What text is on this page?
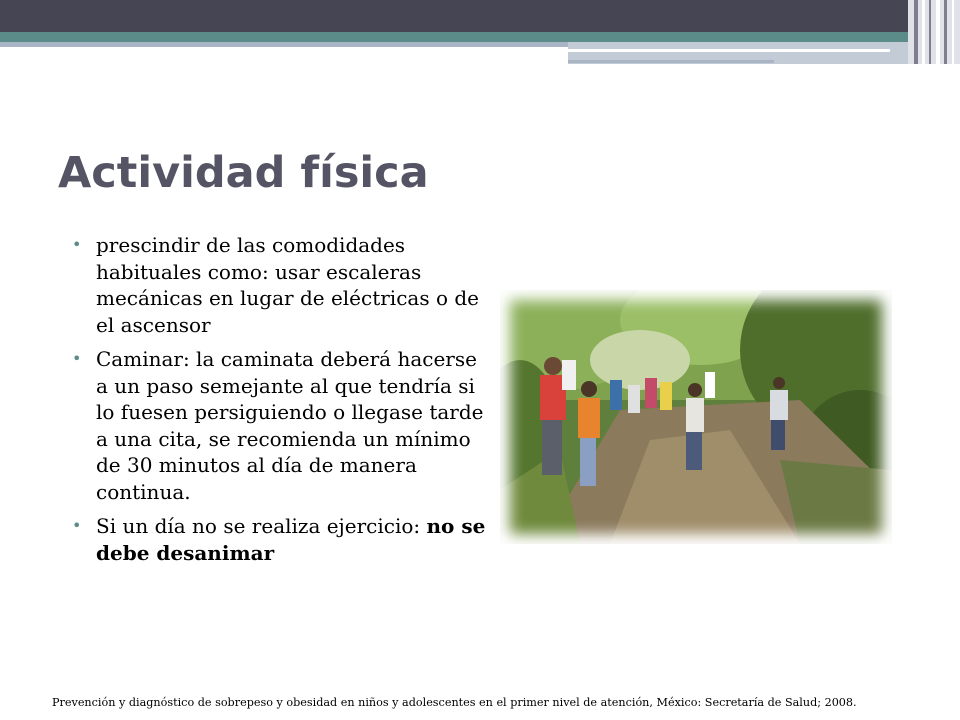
Actividad física
• prescindir de las comodidades habituales como: usar escaleras mecánicas en lugar de eléctricas o de el ascensor
• Caminar: la caminata deberá hacerse a un paso semejante al que tendría si lo fuesen persiguiendo o llegase tarde a una cita, se recomienda un mínimo de 30 minutos al día de manera continua.
• Si un día no se realiza ejercicio: no se debe desanimar
Prevención y diagnóstico de sobrepeso y obesidad en niños y adolescentes en el primer nivel de atención, México: Secretaría de Salud; 2008.
